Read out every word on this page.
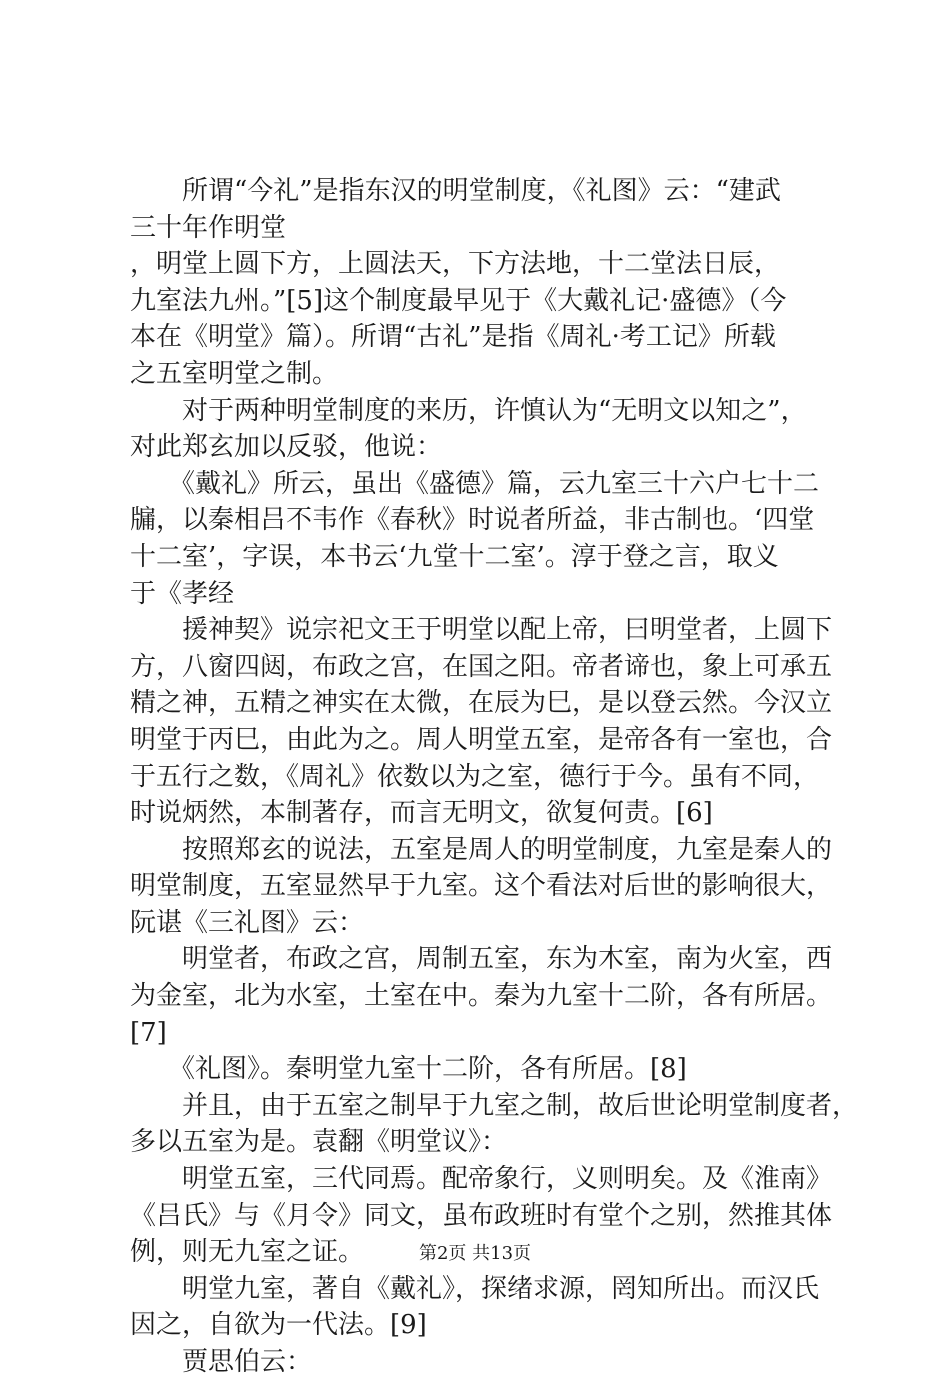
　　所谓“今礼”是指东汉的明堂制度，《礼图》云：“建武
三十年作明堂
，明堂上圆下方，上圆法天，下方法地，十二堂法日辰，
九室法九州。”[5]这个制度最早见于《大戴礼记·盛德》（今
本在《明堂》篇）。所谓“古礼”是指《周礼·考工记》所载
之五室明堂之制。
　　对于两种明堂制度的来历，许慎认为“无明文以知之”，
对此郑玄加以反驳，他说：
　　《戴礼》所云，虽出《盛德》篇，云九室三十六户七十二
牖，以秦相吕不韦作《春秋》时说者所益，非古制也。‘四堂
十二室’，字误，本书云‘九堂十二室’。淳于登之言，取义
于《孝经
　　援神契》说宗祀文王于明堂以配上帝，曰明堂者，上圆下
方，八窗四闼，布政之宫，在国之阳。帝者谛也，象上可承五
精之神，五精之神实在太微，在辰为巳，是以登云然。今汉立
明堂于丙巳，由此为之。周人明堂五室，是帝各有一室也，合
于五行之数，《周礼》依数以为之室，德行于今。虽有不同，
时说炳然，本制著存，而言无明文，欲复何责。[6]
　　按照郑玄的说法，五室是周人的明堂制度，九室是秦人的
明堂制度，五室显然早于九室。这个看法对后世的影响很大，
阮谌《三礼图》云：
　　明堂者，布政之宫，周制五室，东为木室，南为火室，西
为金室，北为水室，土室在中。秦为九室十二阶，各有所居。
[7]
　　《礼图》。秦明堂九室十二阶，各有所居。[8]
　　并且，由于五室之制早于九室之制，故后世论明堂制度者，
多以五室为是。袁翻《明堂议》：
　　明堂五室，三代同焉。配帝象行，义则明矣。及《淮南》
《吕氏》与《月令》同文，虽布政班时有堂个之别，然推其体
例，则无九室之证。
　　明堂九室，著自《戴礼》，探绪求源，罔知所出。而汉氏
因之，自欲为一代法。[9]
　　贾思伯云：
第2页 共13页
